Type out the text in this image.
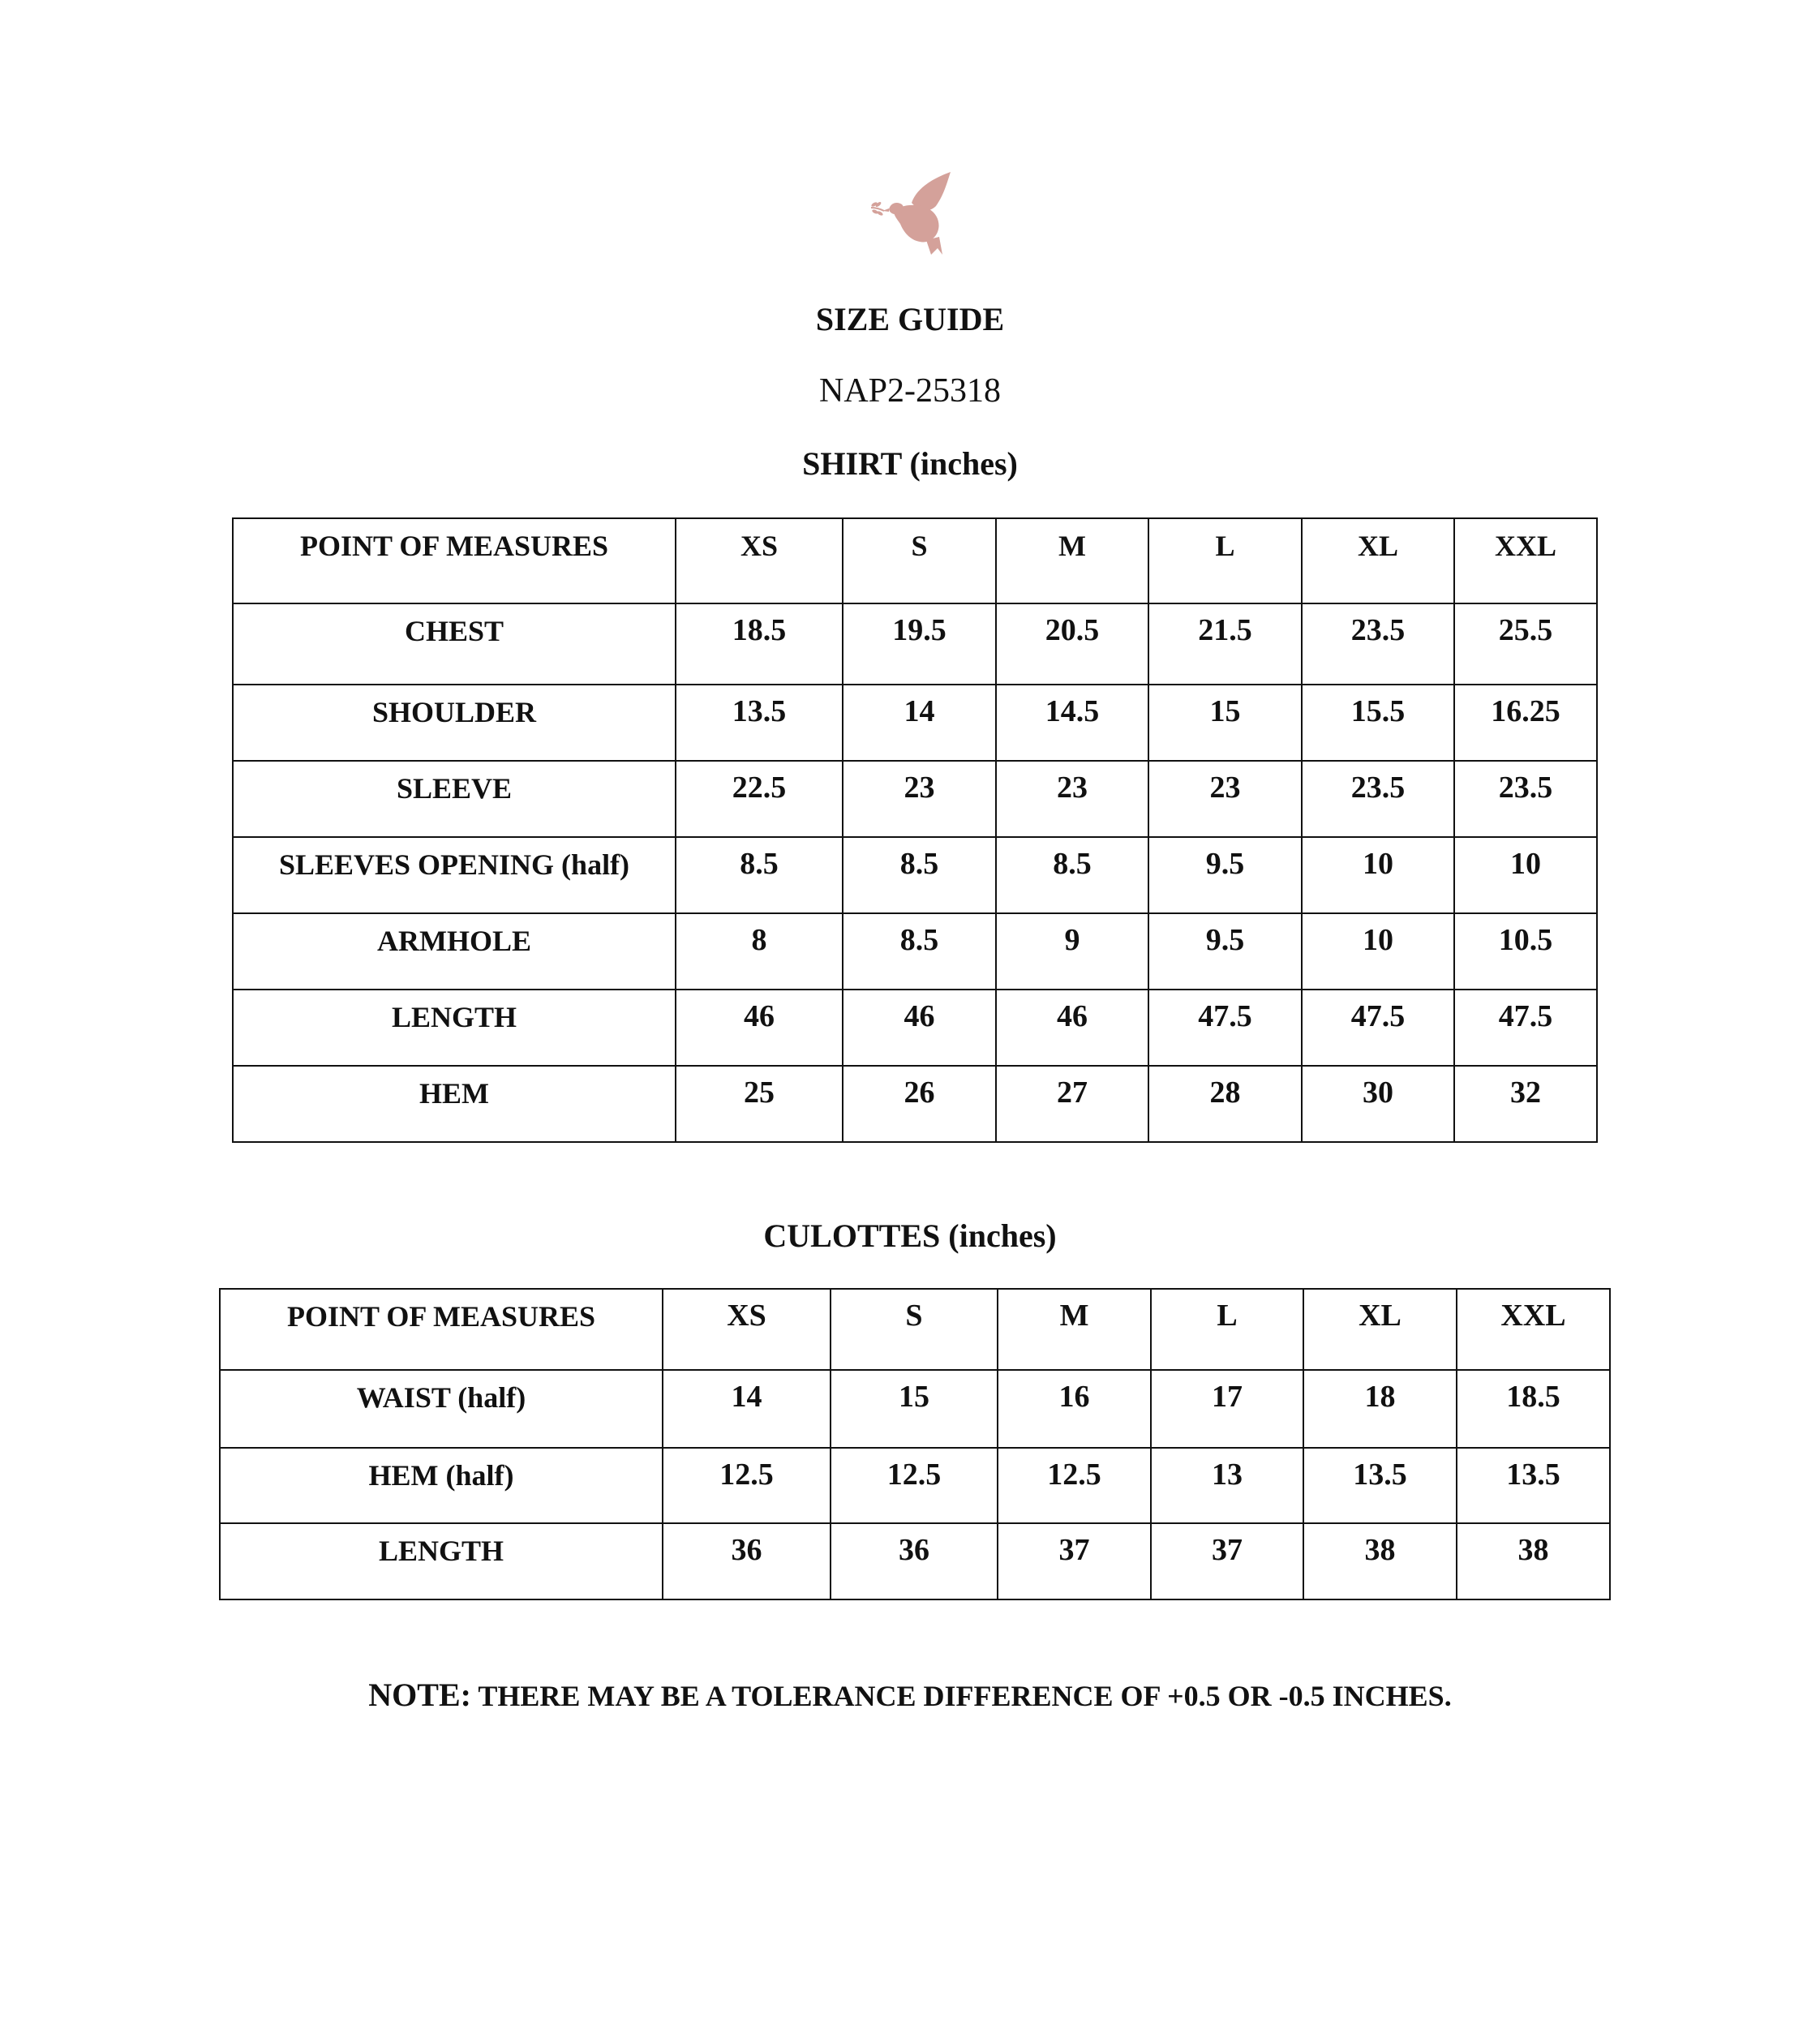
SIZE GUIDE
NAP2-25318
SHIRT (inches)
POINT OF MEASURES	XS	S	M	L	XL	XXL
CHEST	18.5	19.5	20.5	21.5	23.5	25.5
SHOULDER	13.5	14	14.5	15	15.5	16.25
SLEEVE	22.5	23	23	23	23.5	23.5
SLEEVES OPENING (half)	8.5	8.5	8.5	9.5	10	10
ARMHOLE	8	8.5	9	9.5	10	10.5
LENGTH	46	46	46	47.5	47.5	47.5
HEM	25	26	27	28	30	32
CULOTTES (inches)
POINT OF MEASURES	XS	S	M	L	XL	XXL
WAIST (half)	14	15	16	17	18	18.5
HEM (half)	12.5	12.5	12.5	13	13.5	13.5
LENGTH	36	36	37	37	38	38
NOTE: THERE MAY BE A TOLERANCE DIFFERENCE OF +0.5 OR -0.5 INCHES.
